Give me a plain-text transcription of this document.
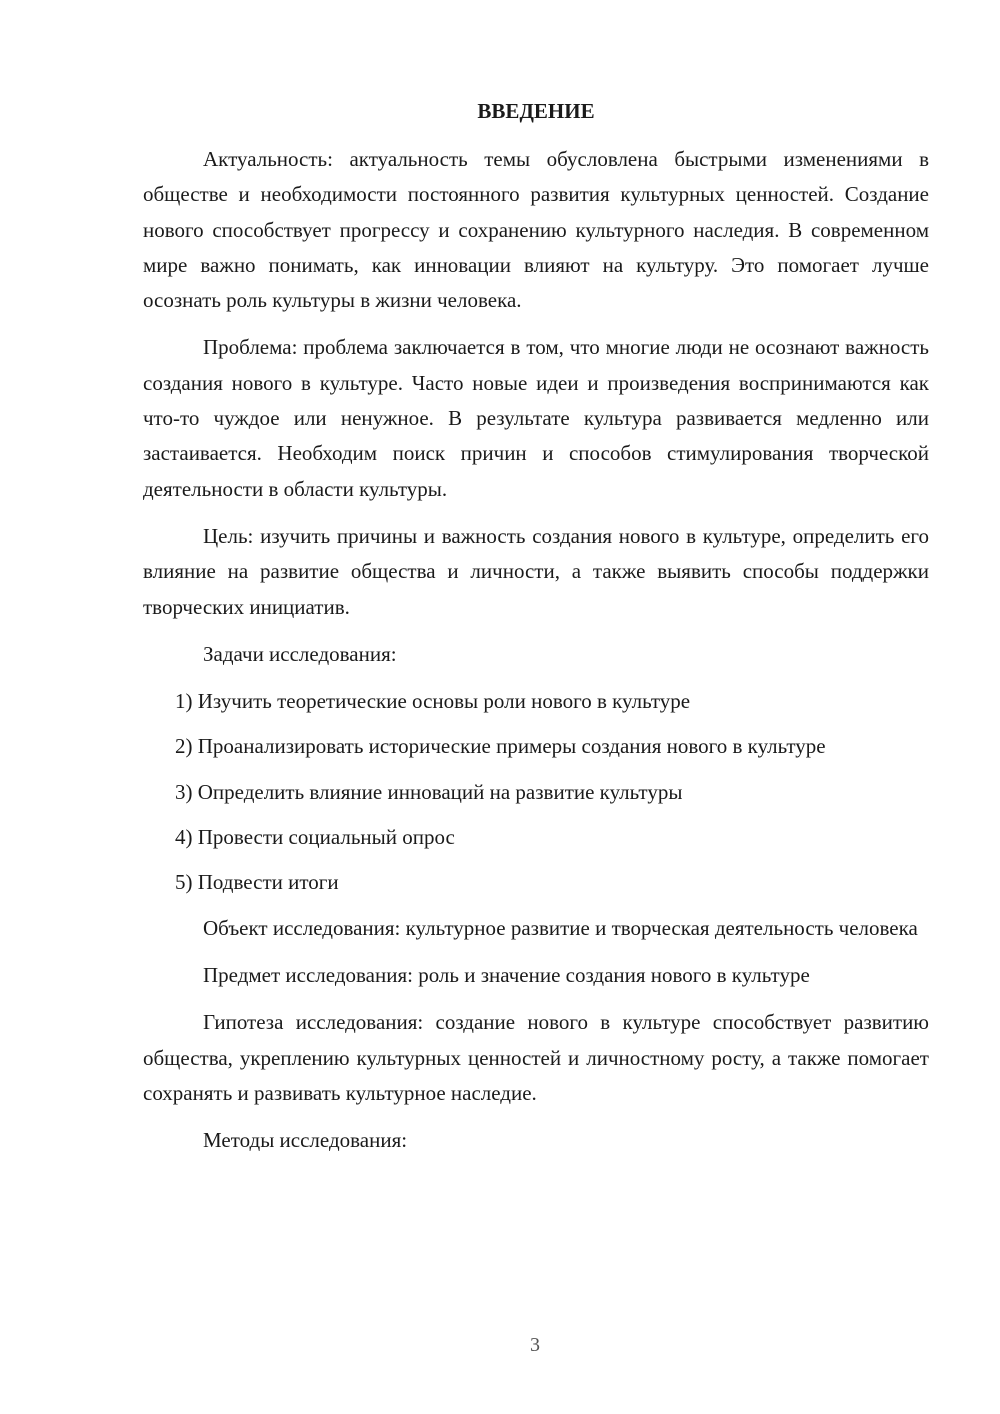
ВВЕДЕНИЕ

Актуальность: актуальность темы обусловлена быстрыми изменениями в обществе и необходимости постоянного развития культурных ценностей. Создание нового способствует прогрессу и сохранению культурного наследия. В современном мире важно понимать, как инновации влияют на культуру. Это помогает лучше осознать роль культуры в жизни человека.

Проблема: проблема заключается в том, что многие люди не осознают важность создания нового в культуре. Часто новые идеи и произведения воспринимаются как что-то чуждое или ненужное. В результате культура развивается медленно или застаивается. Необходим поиск причин и способов стимулирования творческой деятельности в области культуры.

Цель: изучить причины и важность создания нового в культуре, определить его влияние на развитие общества и личности, а также выявить способы поддержки творческих инициатив.

Задачи исследования:

1) Изучить теоретические основы роли нового в культуре

2) Проанализировать исторические примеры создания нового в культуре

3) Определить влияние инноваций на развитие культуры

4) Провести социальный опрос

5) Подвести итоги

Объект исследования: культурное развитие и творческая деятельность человека

Предмет исследования: роль и значение создания нового в культуре

Гипотеза исследования: создание нового в культуре способствует развитию общества, укреплению культурных ценностей и личностному росту, а также помогает сохранять и развивать культурное наследие.

Методы исследования:

3
